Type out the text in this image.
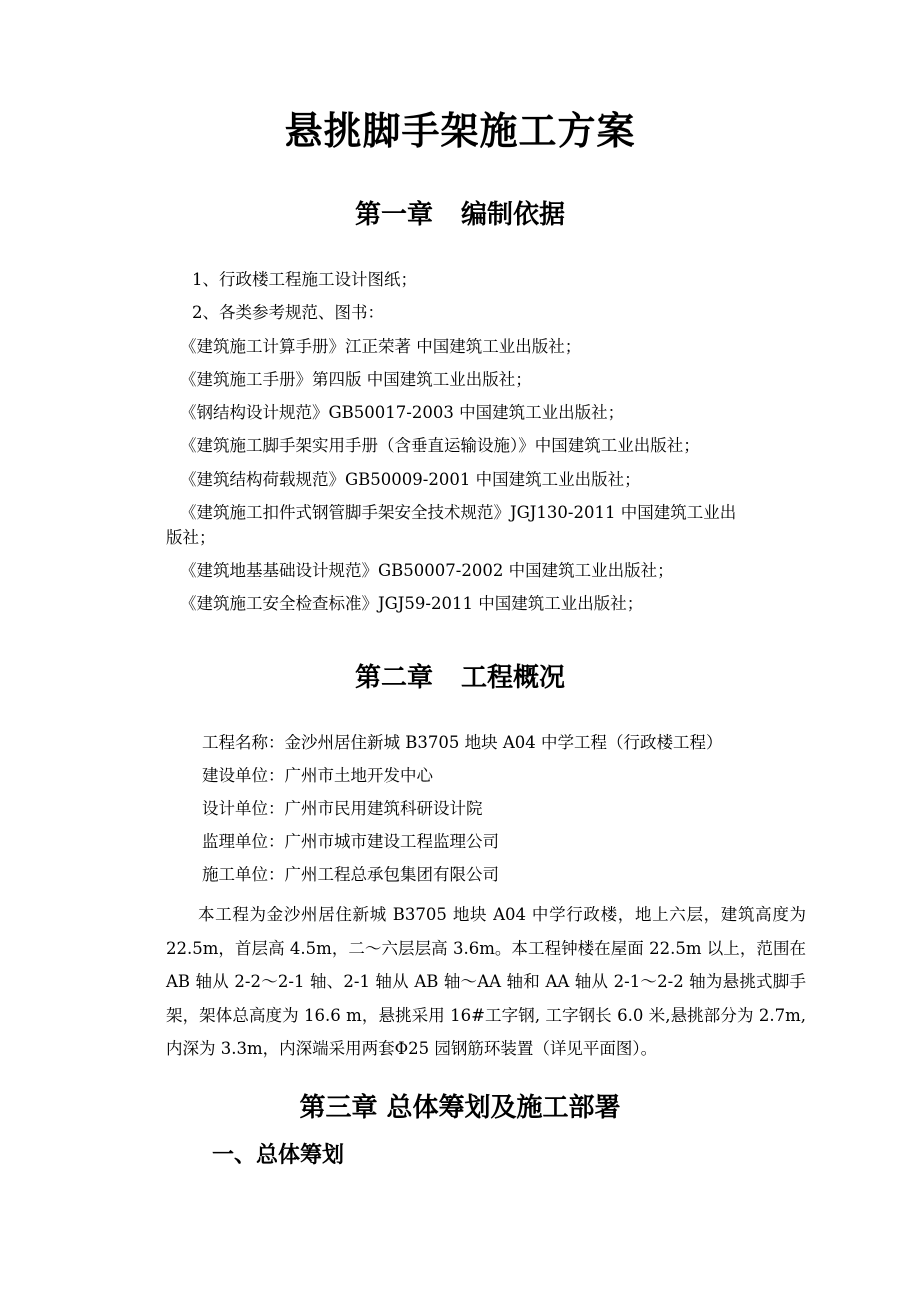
悬挑脚手架施工方案
第一章 编制依据
1、行政楼工程施工设计图纸；
2、各类参考规范、图书：
《建筑施工计算手册》江正荣著 中国建筑工业出版社；
《建筑施工手册》第四版 中国建筑工业出版社；
《钢结构设计规范》GB50017-2003 中国建筑工业出版社；
《建筑施工脚手架实用手册（含垂直运输设施）》中国建筑工业出版社；
《建筑结构荷载规范》GB50009-2001 中国建筑工业出版社；
《建筑施工扣件式钢管脚手架安全技术规范》JGJ130-2011 中国建筑工业出
版社；
《建筑地基基础设计规范》GB50007-2002 中国建筑工业出版社；
《建筑施工安全检查标准》JGJ59-2011 中国建筑工业出版社；
第二章 工程概况
工程名称：金沙州居住新城 B3705 地块 A04 中学工程（行政楼工程）
建设单位：广州市土地开发中心
设计单位：广州市民用建筑科研设计院
监理单位：广州市城市建设工程监理公司
施工单位：广州工程总承包集团有限公司
本工程为金沙州居住新城 B3705 地块 A04 中学行政楼，地上六层，建筑高度为 22.5m，首层高 4.5m，二～六层层高 3.6m。本工程钟楼在屋面 22.5m 以上，范围在 AB 轴从 2-2～2-1 轴、2-1 轴从 AB 轴～AA 轴和 AA 轴从 2-1～2-2 轴为悬挑式脚手架，架体总高度为 16.6 m，悬挑采用 16#工字钢, 工字钢长 6.0 米,悬挑部分为 2.7m,内深为 3.3m，内深端采用两套Φ25 园钢筋环装置（详见平面图）。
第三章 总体筹划及施工部署
一、总体筹划
